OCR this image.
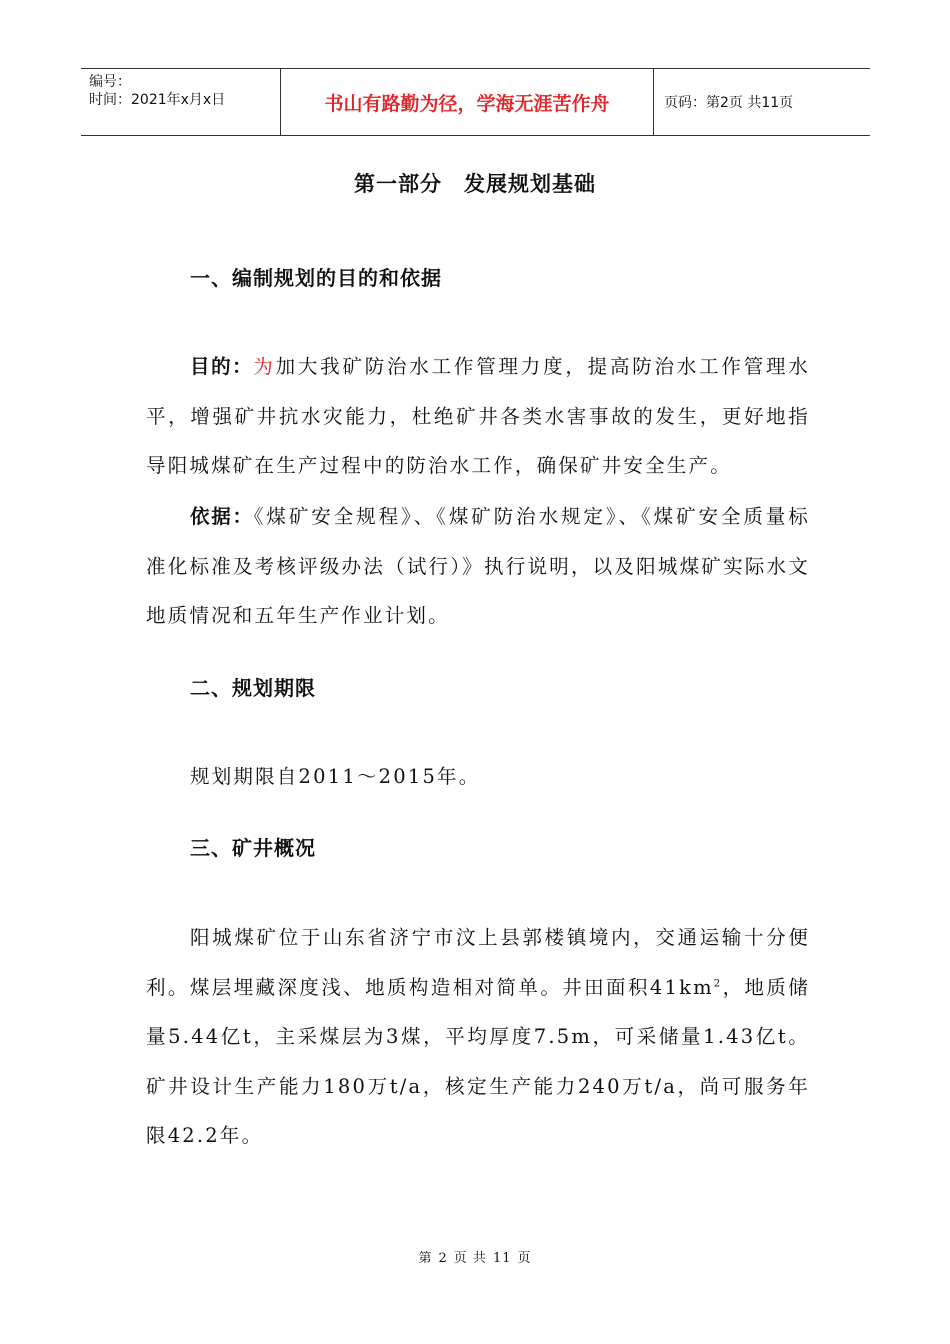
编号：
时间：2021年x月x日	书山有路勤为径，学海无涯苦作舟	页码：第2页 共11页
第一部分 发展规划基础
一、编制规划的目的和依据
目的：为加大我矿防治水工作管理力度，提高防治水工作管理水平，增强矿井抗水灾能力，杜绝矿井各类水害事故的发生，更好地指导阳城煤矿在生产过程中的防治水工作，确保矿井安全生产。
依据：《煤矿安全规程》、《煤矿防治水规定》、《煤矿安全质量标准化标准及考核评级办法（试行）》执行说明，以及阳城煤矿实际水文地质情况和五年生产作业计划。
二、规划期限
规划期限自2011～2015年。
三、矿井概况
阳城煤矿位于山东省济宁市汶上县郭楼镇境内，交通运输十分便利。煤层埋藏深度浅、地质构造相对简单。井田面积$41km^2$，地质储量5.44亿t，主采煤层为3煤，平均厚度7.5m，可采储量1.43亿t。矿井设计生产能力180万t/a，核定生产能力240万t/a，尚可服务年限42.2年。
第 2 页 共 11 页
